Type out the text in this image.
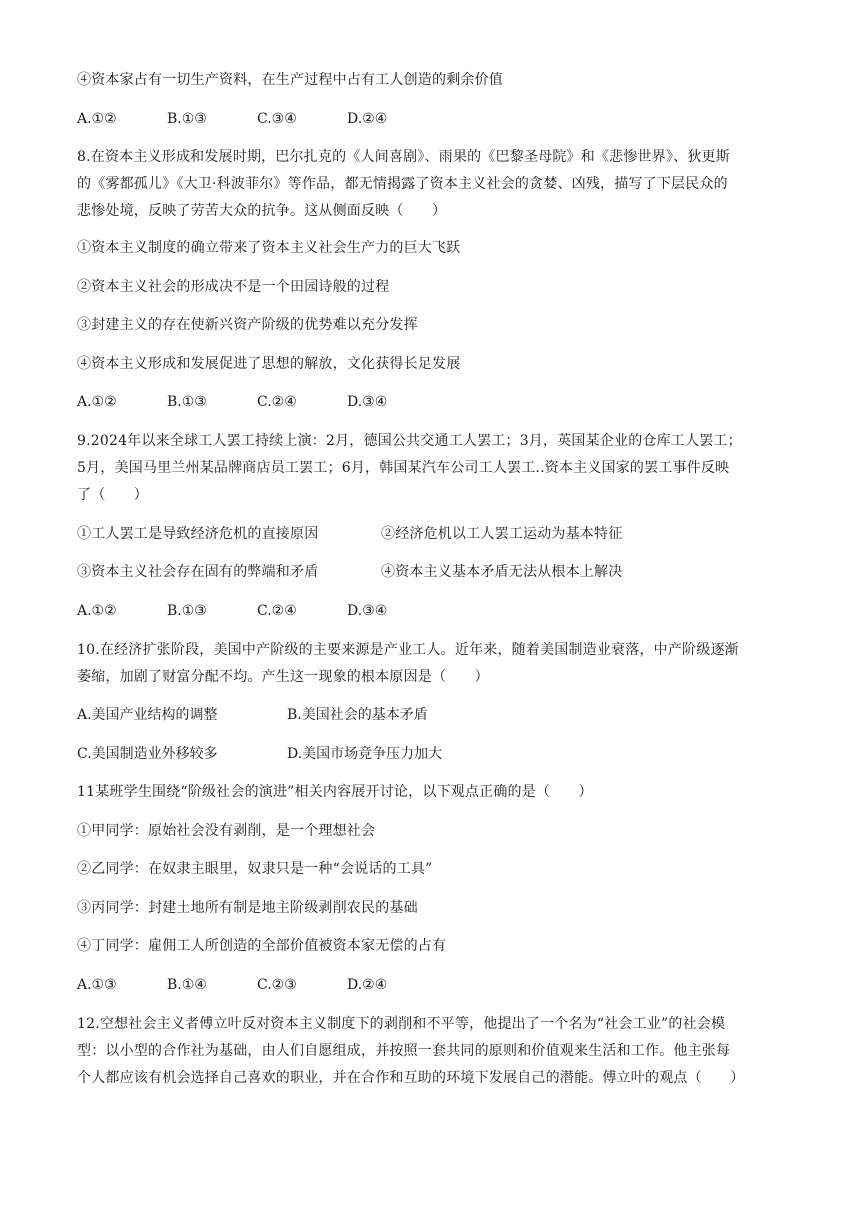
④资本家占有一切生产资料，在生产过程中占有工人创造的剩余价值
A.①②	B.①③	C.③④	D.②④
8.在资本主义形成和发展时期，巴尔扎克的《人间喜剧》、雨果的《巴黎圣母院》和《悲惨世界》、狄更斯
的《雾都孤儿》《大卫·科波菲尔》等作品，都无情揭露了资本主义社会的贪婪、凶残，描写了下层民众的
悲惨处境，反映了劳苦大众的抗争。这从侧面反映（　　）
①资本主义制度的确立带来了资本主义社会生产力的巨大飞跃
②资本主义社会的形成决不是一个田园诗般的过程
③封建主义的存在使新兴资产阶级的优势难以充分发挥
④资本主义形成和发展促进了思想的解放，文化获得长足发展
A.①②	B.①③	C.②④	D.③④
9.2024年以来全球工人罢工持续上演：2月，德国公共交通工人罢工；3月，英国某企业的仓库工人罢工；
5月，美国马里兰州某品牌商店员工罢工；6月，韩国某汽车公司工人罢工..资本主义国家的罢工事件反映
了（　　）
①工人罢工是导致经济危机的直接原因	②经济危机以工人罢工运动为基本特征
③资本主义社会存在固有的弊端和矛盾	④资本主义基本矛盾无法从根本上解决
A.①②	B.①③	C.②④	D.③④
10.在经济扩张阶段，美国中产阶级的主要来源是产业工人。近年来，随着美国制造业衰落，中产阶级逐渐
萎缩，加剧了财富分配不均。产生这一现象的根本原因是（　　）
A.美国产业结构的调整	B.美国社会的基本矛盾
C.美国制造业外移较多	D.美国市场竞争压力加大
11某班学生围绕“阶级社会的演进”相关内容展开讨论，以下观点正确的是（　　）
①甲同学：原始社会没有剥削，是一个理想社会
②乙同学：在奴隶主眼里，奴隶只是一种“会说话的工具”
③丙同学：封建土地所有制是地主阶级剥削农民的基础
④丁同学：雇佣工人所创造的全部价值被资本家无偿的占有
A.①③	B.①④	C.②③	D.②④
12.空想社会主义者傅立叶反对资本主义制度下的剥削和不平等，他提出了一个名为“社会工业”的社会模
型：以小型的合作社为基础，由人们自愿组成，并按照一套共同的原则和价值观来生活和工作。他主张每
个人都应该有机会选择自己喜欢的职业，并在合作和互助的环境下发展自己的潜能。傅立叶的观点（　　）
